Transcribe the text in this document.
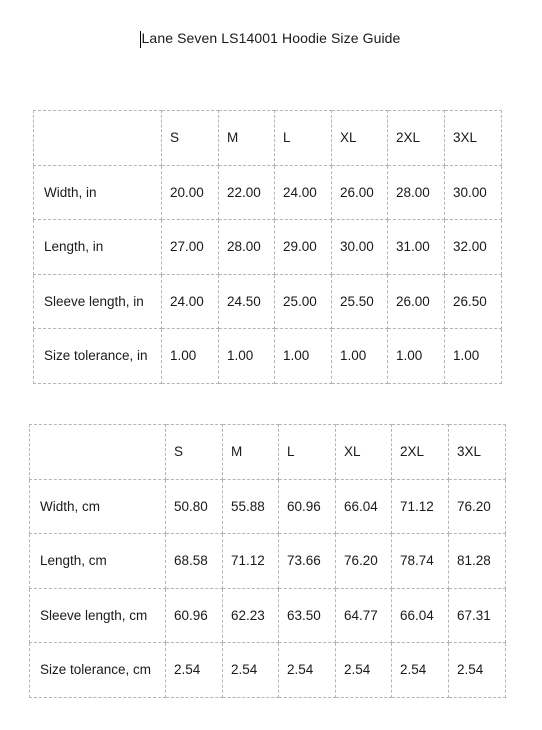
Lane Seven LS14001 Hoodie Size Guide
	S	M	L	XL	2XL	3XL
Width, in	20.00	22.00	24.00	26.00	28.00	30.00
Length, in	27.00	28.00	29.00	30.00	31.00	32.00
Sleeve length, in	24.00	24.50	25.00	25.50	26.00	26.50
Size tolerance, in	1.00	1.00	1.00	1.00	1.00	1.00
	S	M	L	XL	2XL	3XL
Width, cm	50.80	55.88	60.96	66.04	71.12	76.20
Length, cm	68.58	71.12	73.66	76.20	78.74	81.28
Sleeve length, cm	60.96	62.23	63.50	64.77	66.04	67.31
Size tolerance, cm	2.54	2.54	2.54	2.54	2.54	2.54
